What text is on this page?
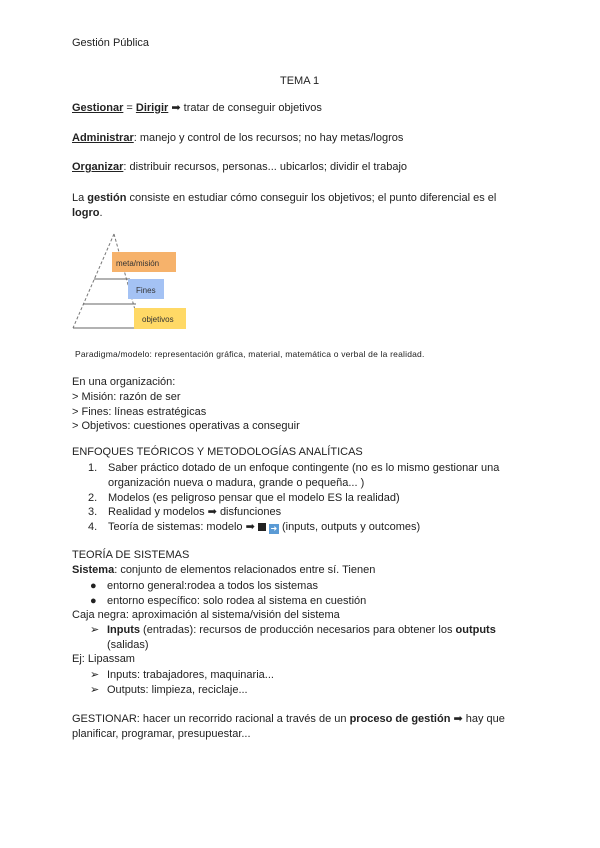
Gestión Pública
TEMA 1
Gestionar = Dirigir ➡ tratar de conseguir objetivos
Administrar: manejo y control de los recursos; no hay metas/logros
Organizar: distribuir recursos, personas... ubicarlos; dividir el trabajo
La gestión consiste en estudiar cómo conseguir los objetivos; el punto diferencial es el logro.
meta/misión
Fines
objetivos
Paradigma/modelo: representación gráfica, material, matemática o verbal de la realidad.
En una organización:
> Misión: razón de ser
> Fines: líneas estratégicas
> Objetivos: cuestiones operativas a conseguir
ENFOQUES TEÓRICOS Y METODOLOGÍAS ANALÍTICAS
1. Saber práctico dotado de un enfoque contingente (no es lo mismo gestionar una
organización nueva o madura, grande o pequeña... )
2. Modelos (es peligroso pensar que el modelo ES la realidad)
3. Realidad y modelos ➡ disfunciones
4. Teoría de sistemas: modelo ➡  ➜ (inputs, outputs y outcomes)
TEORÍA DE SISTEMAS
Sistema: conjunto de elementos relacionados entre sí. Tienen
● entorno general:rodea a todos los sistemas
● entorno específico: solo rodea al sistema en cuestión
Caja negra: aproximación al sistema/visión del sistema
➢ Inputs (entradas): recursos de producción necesarios para obtener los outputs
(salidas)
Ej: Lipassam
➢ Inputs: trabajadores, maquinaria...
➢ Outputs: limpieza, reciclaje...
GESTIONAR: hacer un recorrido racional a través de un proceso de gestión ➡ hay que
planificar, programar, presupuestar...
